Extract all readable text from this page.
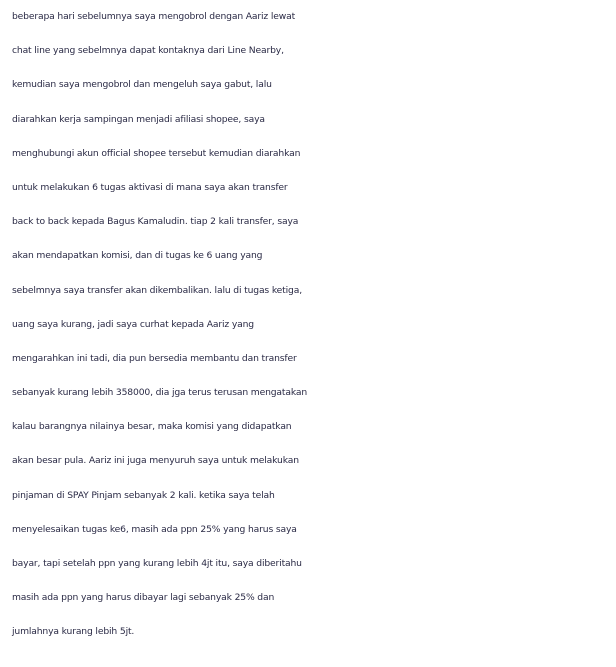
beberapa hari sebelumnya saya mengobrol dengan Aariz lewat
chat line yang sebelmnya dapat kontaknya dari Line Nearby,
kemudian saya mengobrol dan mengeluh saya gabut, lalu
diarahkan kerja sampingan menjadi afiliasi shopee, saya
menghubungi akun official shopee tersebut kemudian diarahkan
untuk melakukan 6 tugas aktivasi di mana saya akan transfer
back to back kepada Bagus Kamaludin. tiap 2 kali transfer, saya
akan mendapatkan komisi, dan di tugas ke 6 uang yang
sebelmnya saya transfer akan dikembalikan. lalu di tugas ketiga,
uang saya kurang, jadi saya curhat kepada Aariz yang
mengarahkan ini tadi, dia pun bersedia membantu dan transfer
sebanyak kurang lebih 358000, dia jga terus terusan mengatakan
kalau barangnya nilainya besar, maka komisi yang didapatkan
akan besar pula. Aariz ini juga menyuruh saya untuk melakukan
pinjaman di SPAY Pinjam sebanyak 2 kali. ketika saya telah
menyelesaikan tugas ke6, masih ada ppn 25% yang harus saya
bayar, tapi setelah ppn yang kurang lebih 4jt itu, saya diberitahu
masih ada ppn yang harus dibayar lagi sebanyak 25% dan
jumlahnya kurang lebih 5jt.
